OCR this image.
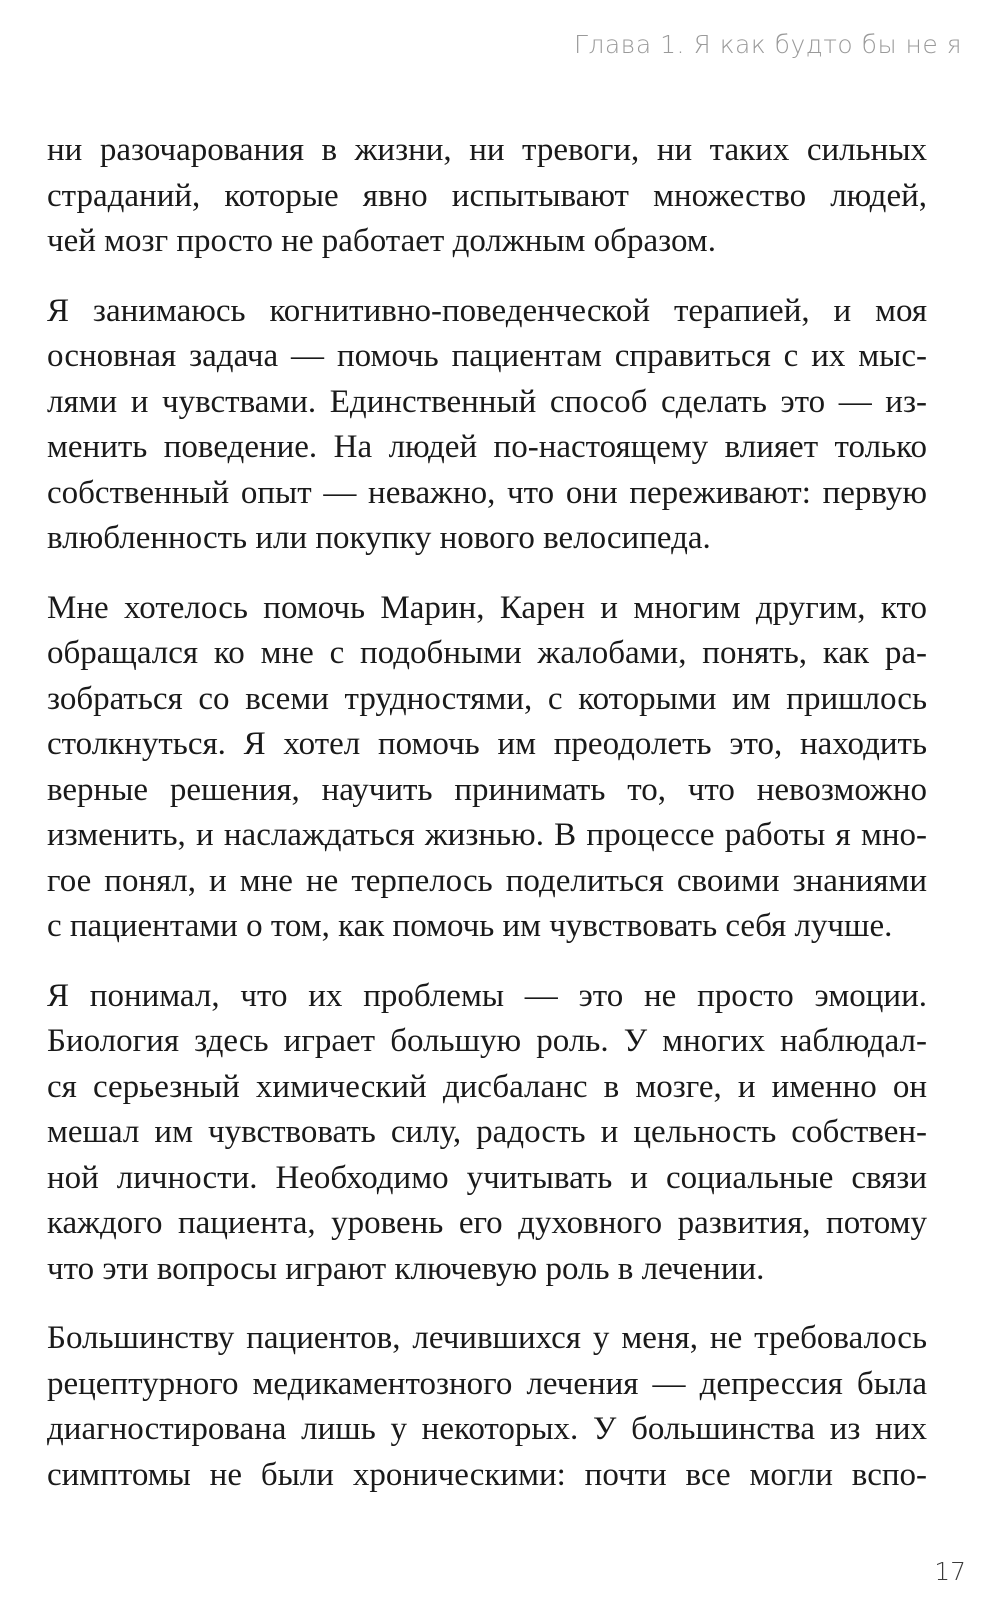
Глава 1. Я как будто бы не я
ни разочарования в жизни, ни тревоги, ни таких сильных
страданий, которые явно испытывают множество людей,
чей мозг просто не работает должным образом.
Я занимаюсь когнитивно-поведенческой терапией, и моя
основная задача — помочь пациентам справиться с их мыс-
лями и чувствами. Единственный способ сделать это — из-
менить поведение. На людей по-настоящему влияет только
собственный опыт — неважно, что они переживают: первую
влюбленность или покупку нового велосипеда.
Мне хотелось помочь Марин, Карен и многим другим, кто
обращался ко мне с подобными жалобами, понять, как ра-
зобраться со всеми трудностями, с которыми им пришлось
столкнуться. Я хотел помочь им преодолеть это, находить
верные решения, научить принимать то, что невозможно
изменить, и наслаждаться жизнью. В процессе работы я мно-
гое понял, и мне не терпелось поделиться своими знаниями
с пациентами о том, как помочь им чувствовать себя лучше.
Я понимал, что их проблемы — это не просто эмоции.
Биология здесь играет большую роль. У многих наблюдал-
ся серьезный химический дисбаланс в мозге, и именно он
мешал им чувствовать силу, радость и цельность собствен-
ной личности. Необходимо учитывать и социальные связи
каждого пациента, уровень его духовного развития, потому
что эти вопросы играют ключевую роль в лечении.
Большинству пациентов, лечившихся у меня, не требовалось
рецептурного медикаментозного лечения — депрессия была
диагностирована лишь у некоторых. У большинства из них
симптомы не были хроническими: почти все могли вспо-
17
